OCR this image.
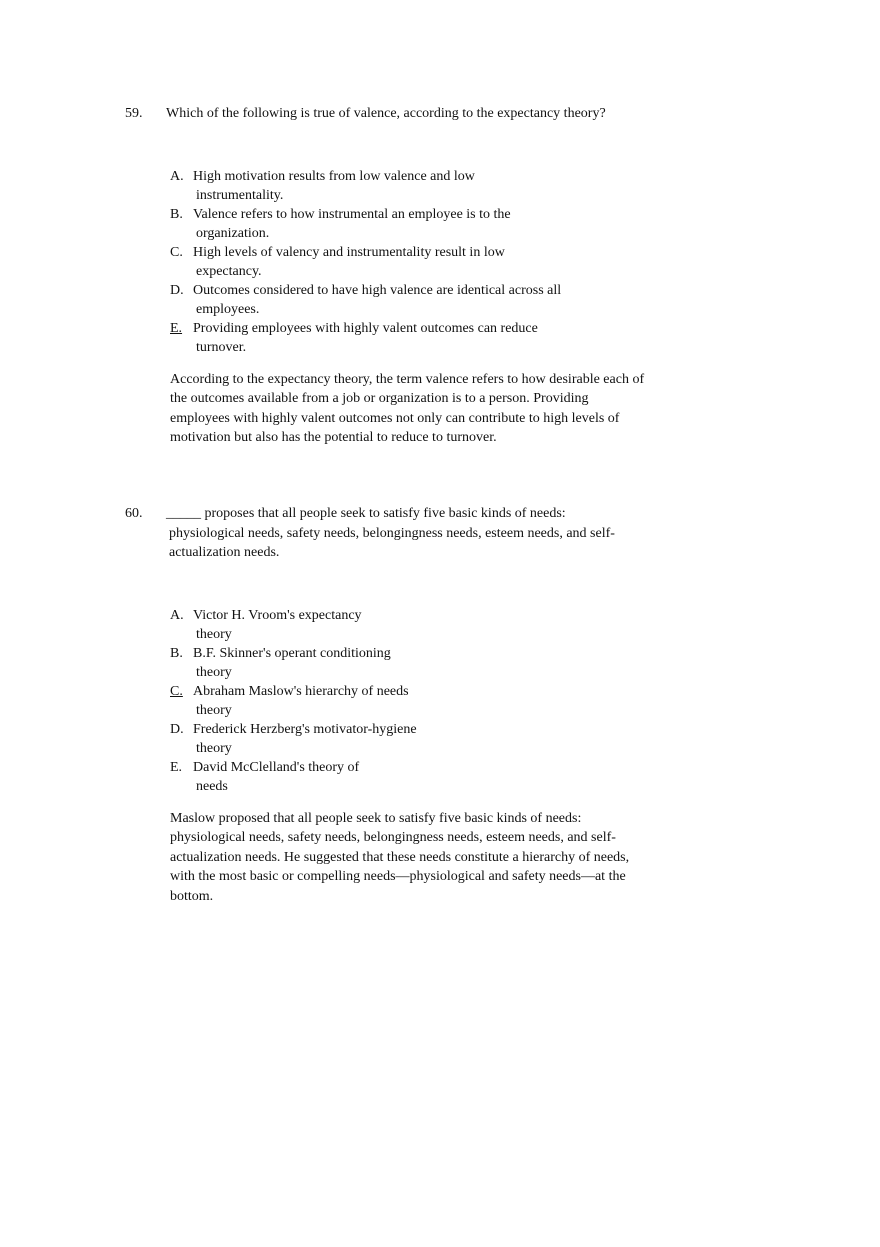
59. Which of the following is true of valence, according to the expectancy theory?
A. High motivation results from low valence and low
instrumentality.
B. Valence refers to how instrumental an employee is to the
organization.
C. High levels of valency and instrumentality result in low
expectancy.
D. Outcomes considered to have high valence are identical across all
employees.
E. Providing employees with highly valent outcomes can reduce
turnover.
According to the expectancy theory, the term valence refers to how desirable each of the outcomes available from a job or organization is to a person. Providing employees with highly valent outcomes not only can contribute to high levels of motivation but also has the potential to reduce to turnover.
60. _____ proposes that all people seek to satisfy five basic kinds of needs:
physiological needs, safety needs, belongingness needs, esteem needs, and self-actualization needs.
A. Victor H. Vroom's expectancy
theory
B. B.F. Skinner's operant conditioning
theory
C. Abraham Maslow's hierarchy of needs
theory
D. Frederick Herzberg's motivator-hygiene
theory
E. David McClelland's theory of
needs
Maslow proposed that all people seek to satisfy five basic kinds of needs: physiological needs, safety needs, belongingness needs, esteem needs, and self-actualization needs. He suggested that these needs constitute a hierarchy of needs, with the most basic or compelling needs—physiological and safety needs—at the bottom.
